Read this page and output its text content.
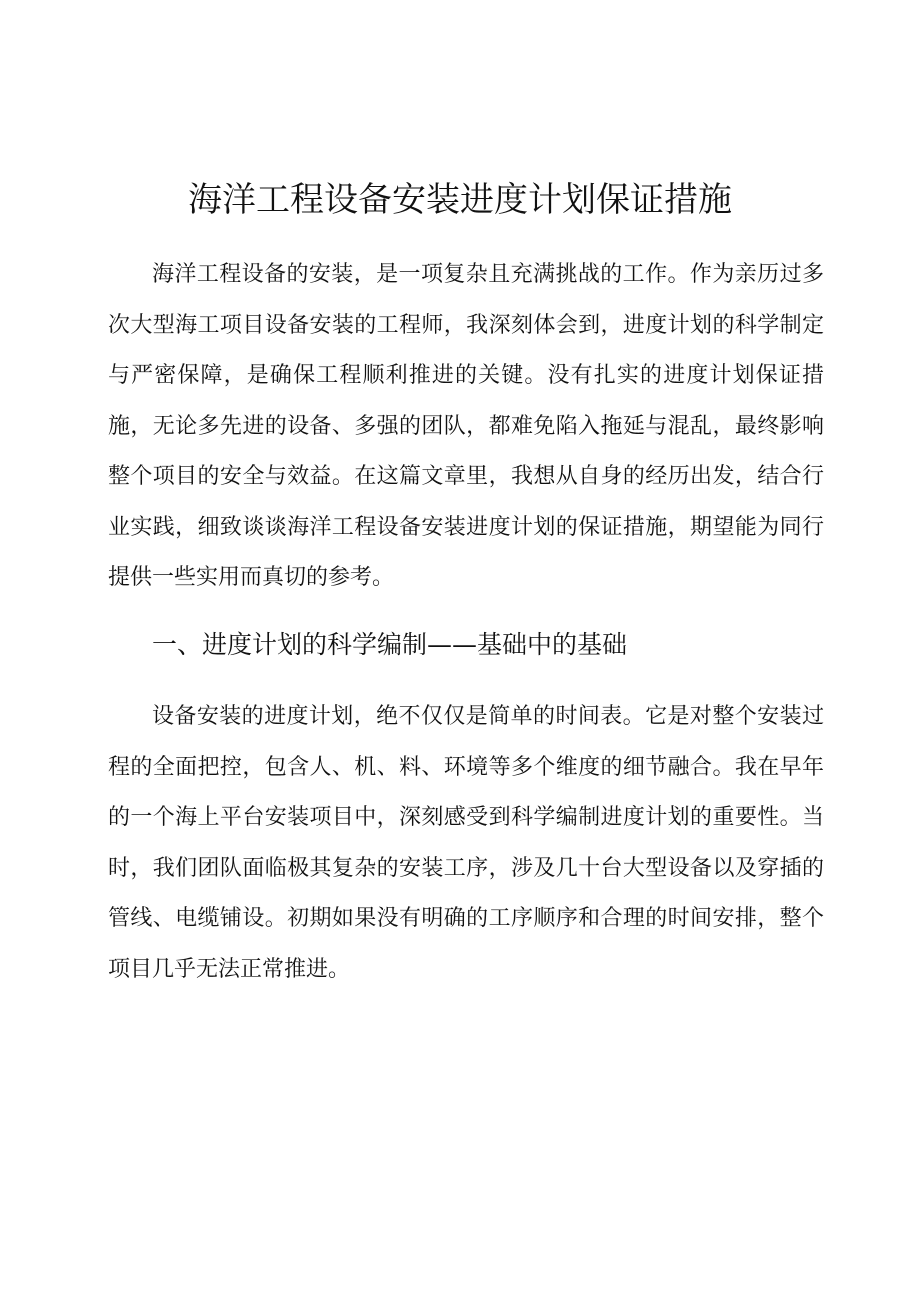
海洋工程设备安装进度计划保证措施

海洋工程设备的安装，是一项复杂且充满挑战的工作。作为亲历过多次大型海工项目设备安装的工程师，我深刻体会到，进度计划的科学制定与严密保障，是确保工程顺利推进的关键。没有扎实的进度计划保证措施，无论多先进的设备、多强的团队，都难免陷入拖延与混乱，最终影响整个项目的安全与效益。在这篇文章里，我想从自身的经历出发，结合行业实践，细致谈谈海洋工程设备安装进度计划的保证措施，期望能为同行提供一些实用而真切的参考。

一、进度计划的科学编制——基础中的基础

设备安装的进度计划，绝不仅仅是简单的时间表。它是对整个安装过程的全面把控，包含人、机、料、环境等多个维度的细节融合。我在早年的一个海上平台安装项目中，深刻感受到科学编制进度计划的重要性。当时，我们团队面临极其复杂的安装工序，涉及几十台大型设备以及穿插的管线、电缆铺设。初期如果没有明确的工序顺序和合理的时间安排，整个项目几乎无法正常推进。
